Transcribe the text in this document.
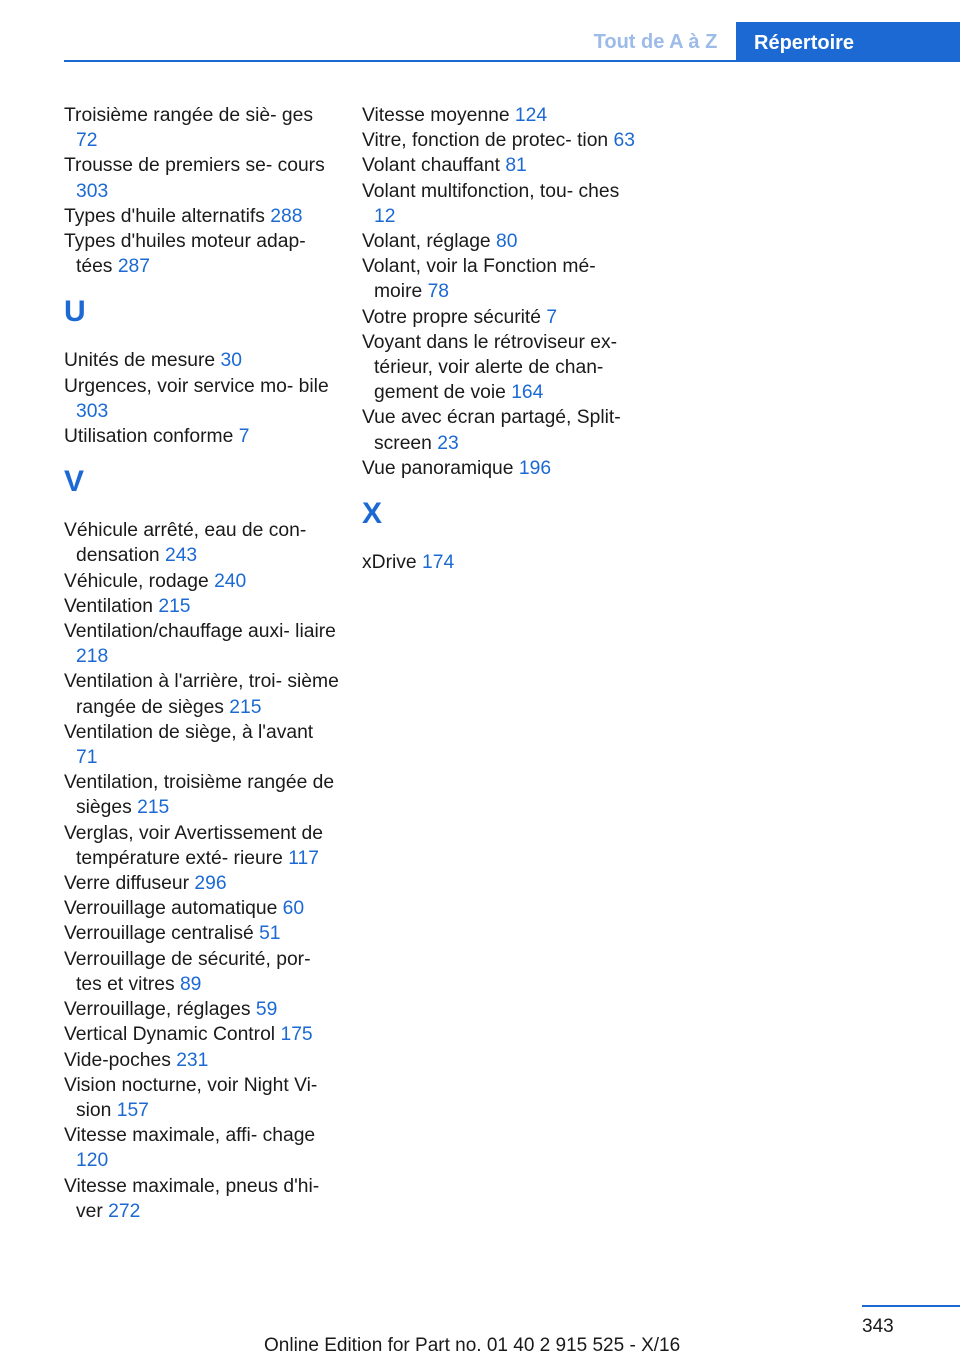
Tout de A à Z	Répertoire
Troisième rangée de siè‐ ges 72
Trousse de premiers se‐ cours 303
Types d'huile alternatifs 288
Types d'huiles moteur adap‐ tées 287
U
Unités de mesure 30
Urgences, voir service mo‐ bile 303
Utilisation conforme 7
V
Véhicule arrêté, eau de con‐ densation 243
Véhicule, rodage 240
Ventilation 215
Ventilation/chauffage auxi‐ liaire 218
Ventilation à l'arrière, troi‐ sième rangée de sièges 215
Ventilation de siège, à l'avant 71
Ventilation, troisième rangée de sièges 215
Verglas, voir Avertissement de température exté‐ rieure 117
Verre diffuseur 296
Verrouillage automatique 60
Verrouillage centralisé 51
Verrouillage de sécurité, por‐ tes et vitres 89
Verrouillage, réglages 59
Vertical Dynamic Control 175
Vide-poches 231
Vision nocturne, voir Night Vi‐ sion 157
Vitesse maximale, affi‐ chage 120
Vitesse maximale, pneus d'hi‐ ver 272
Vitesse moyenne 124
Vitre, fonction de protec‐ tion 63
Volant chauffant 81
Volant multifonction, tou‐ ches 12
Volant, réglage 80
Volant, voir la Fonction mé‐ moire 78
Votre propre sécurité 7
Voyant dans le rétroviseur ex‐ térieur, voir alerte de chan‐ gement de voie 164
Vue avec écran partagé, Split- screen 23
Vue panoramique 196
X
xDrive 174
343
Online Edition for Part no. 01 40 2 915 525 - X/16
